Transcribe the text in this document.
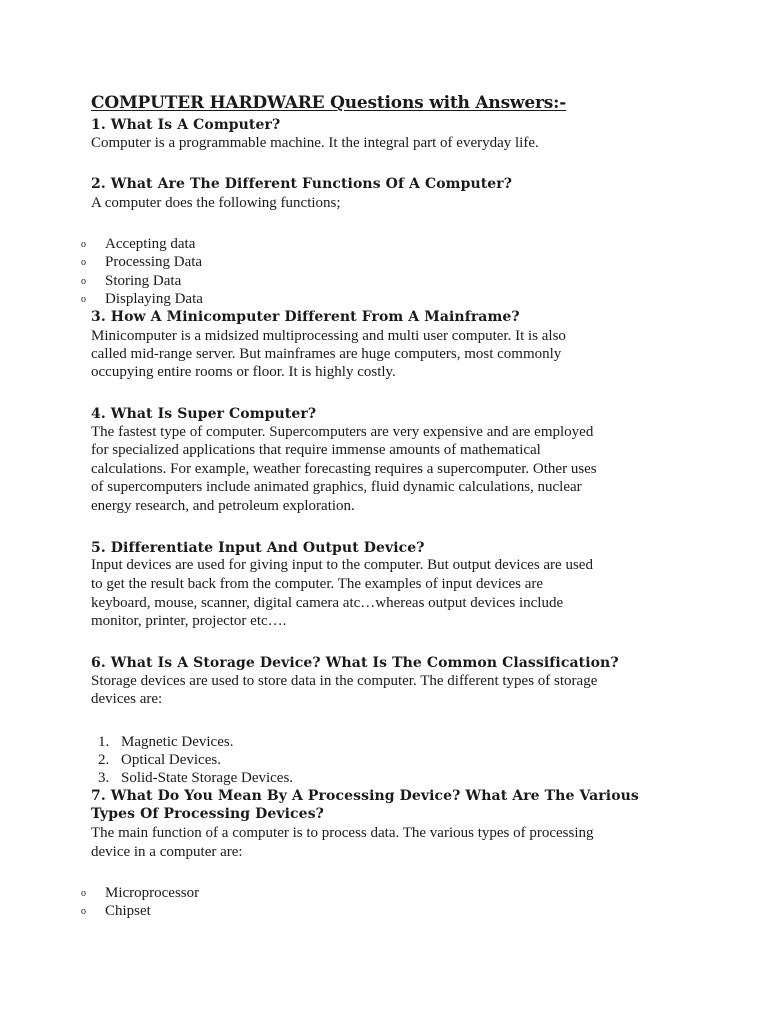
COMPUTER HARDWARE Questions with Answers:-
1. What Is A Computer?
Computer is a programmable machine. It the integral part of everyday life.
2. What Are The Different Functions Of A Computer?
A computer does the following functions;
o Accepting data
o Processing Data
o Storing Data
o Displaying Data
3. How A Minicomputer Different From A Mainframe?
Minicomputer is a midsized multiprocessing and multi user computer. It is also
called mid-range server. But mainframes are huge computers, most commonly
occupying entire rooms or floor. It is highly costly.
4. What Is Super Computer?
The fastest type of computer. Supercomputers are very expensive and are employed
for specialized applications that require immense amounts of mathematical
calculations. For example, weather forecasting requires a supercomputer. Other uses
of supercomputers include animated graphics, fluid dynamic calculations, nuclear
energy research, and petroleum exploration.
5. Differentiate Input And Output Device?
Input devices are used for giving input to the computer. But output devices are used
to get the result back from the computer. The examples of input devices are
keyboard, mouse, scanner, digital camera atc…whereas output devices include
monitor, printer, projector etc….
6. What Is A Storage Device? What Is The Common Classification?
Storage devices are used to store data in the computer. The different types of storage
devices are:
1. Magnetic Devices.
2. Optical Devices.
3. Solid-State Storage Devices.
7. What Do You Mean By A Processing Device? What Are The Various
Types Of Processing Devices?
The main function of a computer is to process data. The various types of processing
device in a computer are:
o Microprocessor
o Chipset
